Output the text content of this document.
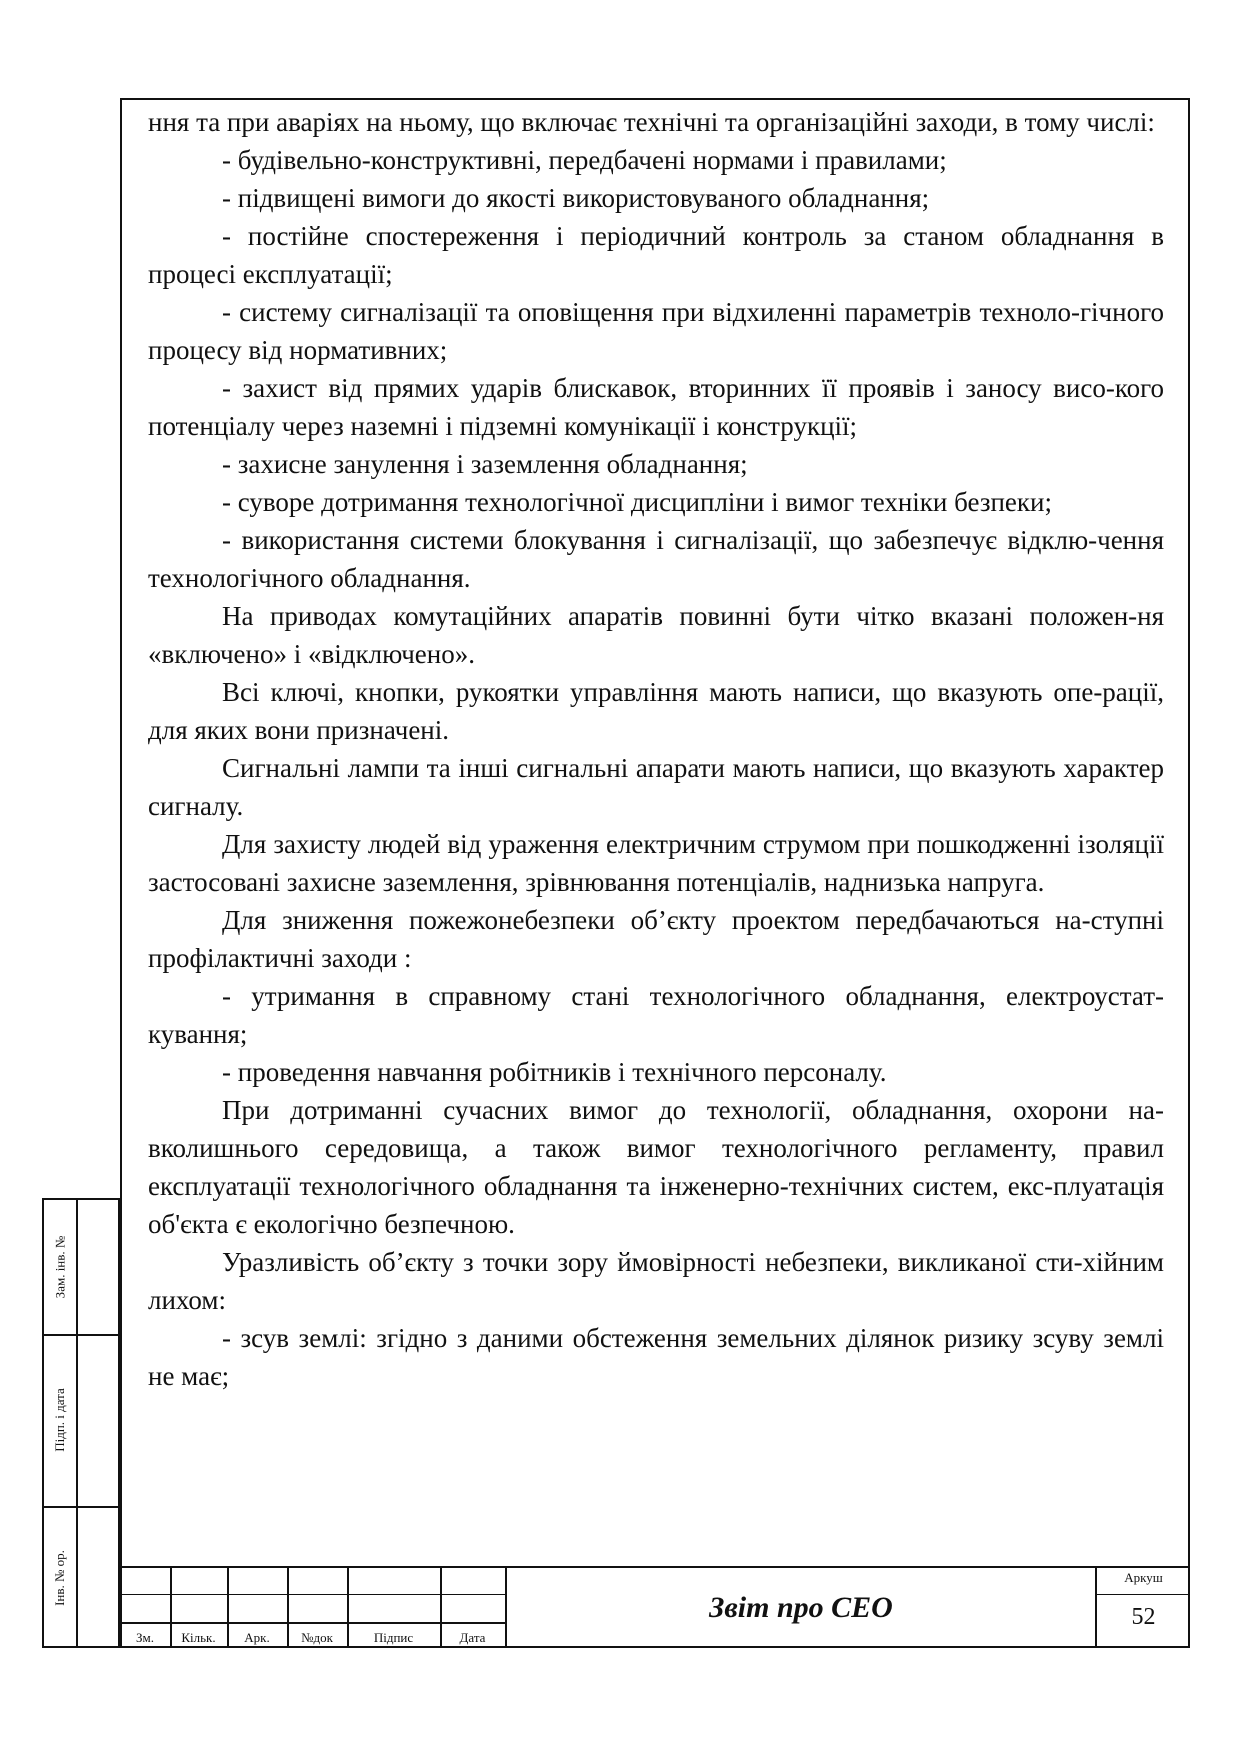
ння та при аваріях на ньому, що включає технічні та організаційні заходи, в тому числі:

- будівельно-конструктивні, передбачені нормами і правилами;

- підвищені вимоги до якості використовуваного обладнання;

- постійне спостереження і періодичний контроль за станом обладнання в процесі експлуатації;

- систему сигналізації та оповіщення при відхиленні параметрів техноло-гічного процесу від нормативних;

- захист від прямих ударів блискавок, вторинних її проявів і заносу висо-кого потенціалу через наземні і підземні комунікації і конструкції;

- захисне занулення і заземлення обладнання;

- суворе дотримання технологічної дисципліни і вимог техніки безпеки;

- використання системи блокування і сигналізації, що забезпечує відклю-чення технологічного обладнання.

На приводах комутаційних апаратів повинні бути чітко вказані положен-ня «включено» і «відключено».

Всі ключі, кнопки, рукоятки управління мають написи, що вказують опе-рації, для яких вони призначені.

Сигнальні лампи та інші сигнальні апарати мають написи, що вказують характер сигналу.

Для захисту людей від ураження електричним струмом при пошкодженні ізоляції застосовані захисне заземлення, зрівнювання потенціалів, наднизька напруга.

Для зниження пожежонебезпеки об’єкту проектом передбачаються на-ступні профілактичні заходи :

- утримання в справному стані технологічного обладнання, електроустат-кування;

- проведення навчання робітників і технічного персоналу.

При дотриманні сучасних вимог до технології, обладнання, охорони на-вколишнього середовища, а також вимог технологічного регламенту, правил експлуатації технологічного обладнання та інженерно-технічних систем, екс-плуатація об'єкта є екологічно безпечною.

Уразливість об’єкту з точки зору ймовірності небезпеки, викликаної сти-хійним лихом:

- зсув землі: згідно з даними обстеження земельних ділянок ризику зсуву землі не має;

Зам. інв. №
Підп. і дата
Інв. № ор.
Зм.	Кільк.	Арк.	№док	Підпис	Дата
Звіт про СЕО
Аркуш
52
